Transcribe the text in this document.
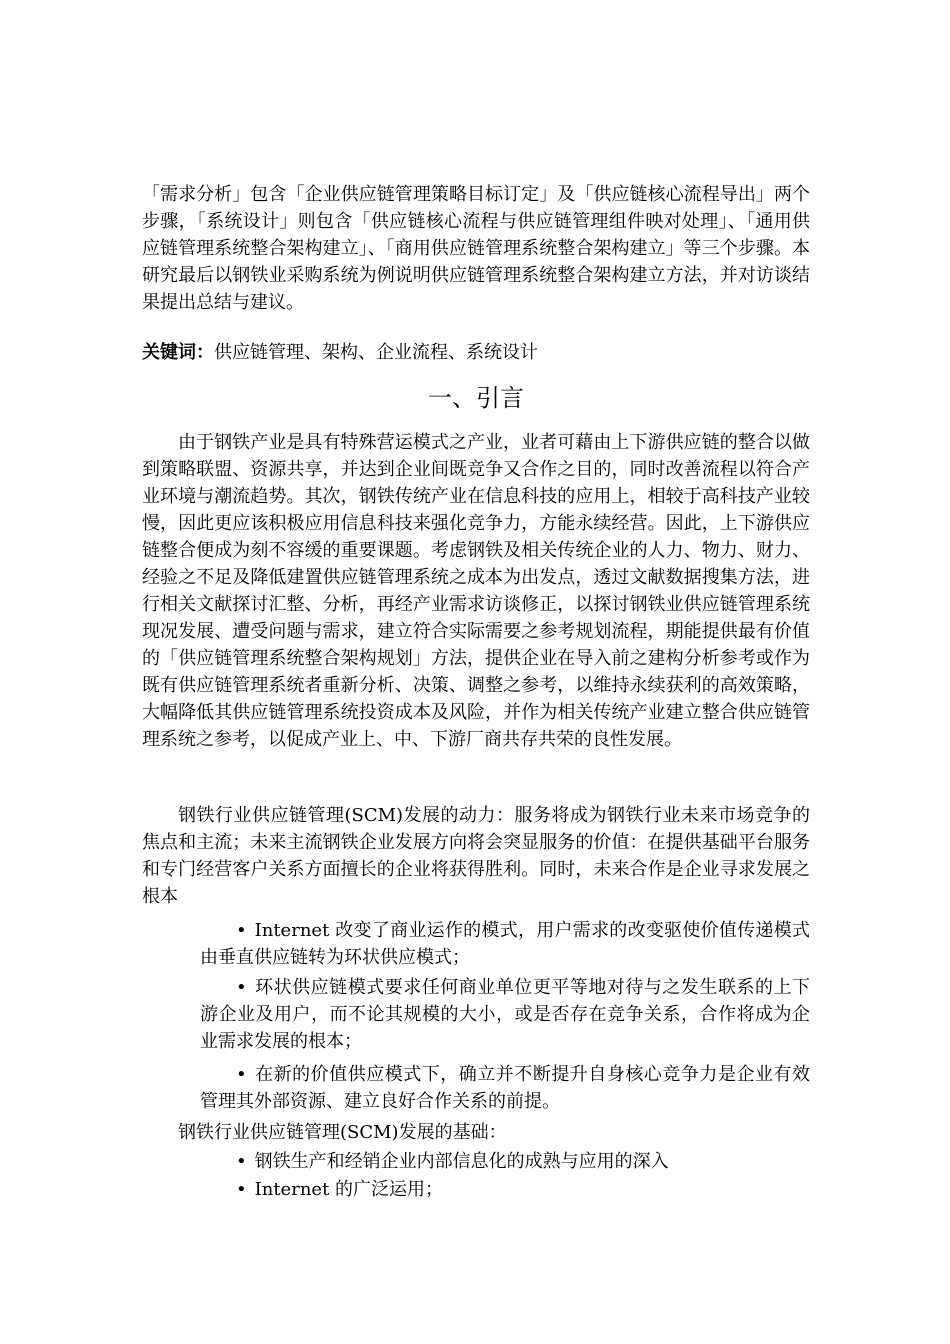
「需求分析」包含「企业供应链管理策略目标订定」及「供应链核心流程导出」两个步骤，「系统设计」则包含「供应链核心流程与供应链管理组件映对处理」、「通用供应链管理系统整合架构建立」、「商用供应链管理系统整合架构建立」等三个步骤。本研究最后以钢铁业采购系统为例说明供应链管理系统整合架构建立方法，并对访谈结果提出总结与建议。

关键词：供应链管理、架构、企业流程、系统设计

一、引言

由于钢铁产业是具有特殊营运模式之产业，业者可藉由上下游供应链的整合以做到策略联盟、资源共享，并达到企业间既竞争又合作之目的，同时改善流程以符合产业环境与潮流趋势。其次，钢铁传统产业在信息科技的应用上，相较于高科技产业较慢，因此更应该积极应用信息科技来强化竞争力，方能永续经营。因此，上下游供应链整合便成为刻不容缓的重要课题。考虑钢铁及相关传统企业的人力、物力、财力、经验之不足及降低建置供应链管理系统之成本为出发点，透过文献数据搜集方法，进行相关文献探讨汇整、分析，再经产业需求访谈修正，以探讨钢铁业供应链管理系统现况发展、遭受问题与需求，建立符合实际需要之参考规划流程，期能提供最有价值的「供应链管理系统整合架构规划」方法，提供企业在导入前之建构分析参考或作为既有供应链管理系统者重新分析、决策、调整之参考，以维持永续获利的高效策略，大幅降低其供应链管理系统投资成本及风险，并作为相关传统产业建立整合供应链管理系统之参考，以促成产业上、中、下游厂商共存共荣的良性发展。

钢铁行业供应链管理(SCM)发展的动力：服务将成为钢铁行业未来市场竞争的焦点和主流；未来主流钢铁企业发展方向将会突显服务的价值：在提供基础平台服务和专门经营客户关系方面擅长的企业将获得胜利。同时，未来合作是企业寻求发展之根本

• Internet 改变了商业运作的模式，用户需求的改变驱使价值传递模式由垂直供应链转为环状供应模式；

• 环状供应链模式要求任何商业单位更平等地对待与之发生联系的上下游企业及用户，而不论其规模的大小，或是否存在竞争关系，合作将成为企业需求发展的根本；

• 在新的价值供应模式下，确立并不断提升自身核心竞争力是企业有效管理其外部资源、建立良好合作关系的前提。

钢铁行业供应链管理(SCM)发展的基础：

• 钢铁生产和经销企业内部信息化的成熟与应用的深入

• Internet 的广泛运用；
